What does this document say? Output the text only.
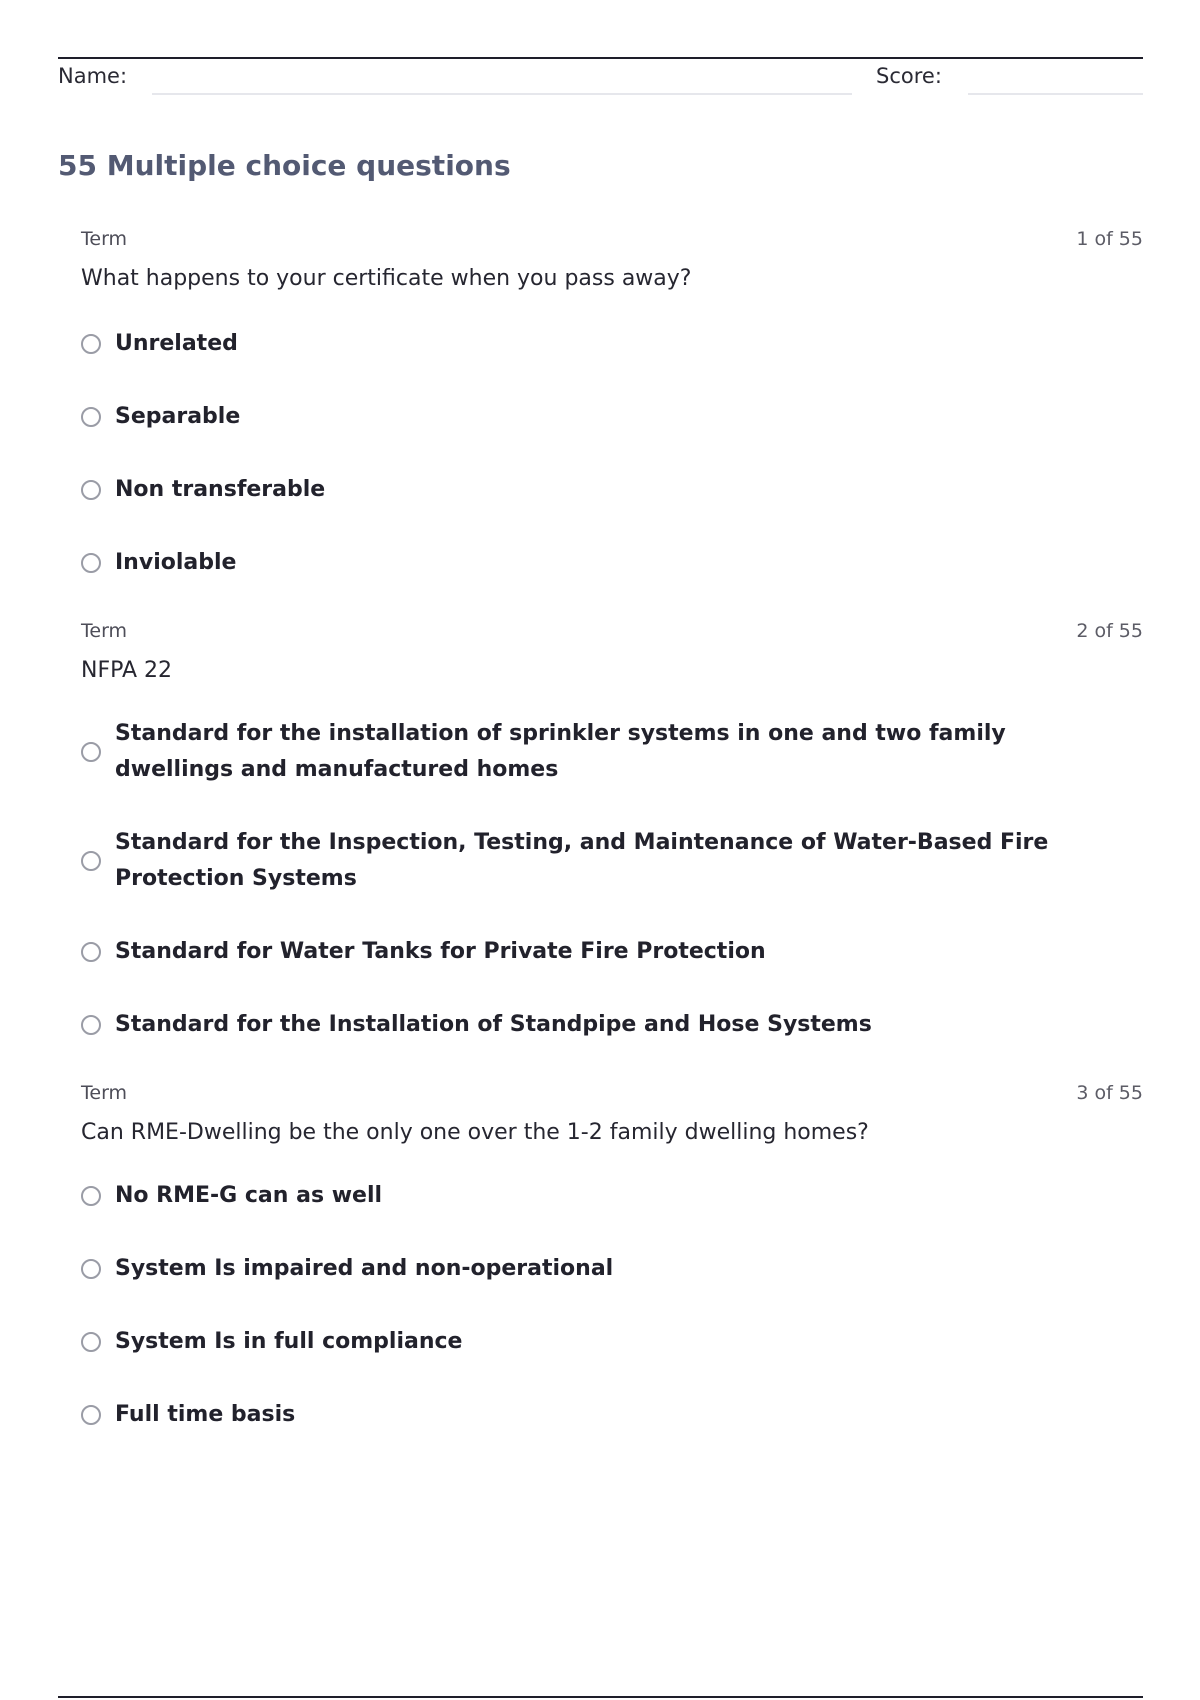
Name:	Score:
55 Multiple choice questions
Term	1 of 55
What happens to your certificate when you pass away?
Unrelated
Separable
Non transferable
Inviolable
Term	2 of 55
NFPA 22
Standard for the installation of sprinkler systems in one and two family dwellings and manufactured homes
Standard for the Inspection, Testing, and Maintenance of Water-Based Fire Protection Systems
Standard for Water Tanks for Private Fire Protection
Standard for the Installation of Standpipe and Hose Systems
Term	3 of 55
Can RME-Dwelling be the only one over the 1-2 family dwelling homes?
No RME-G can as well
System Is impaired and non-operational
System Is in full compliance
Full time basis
